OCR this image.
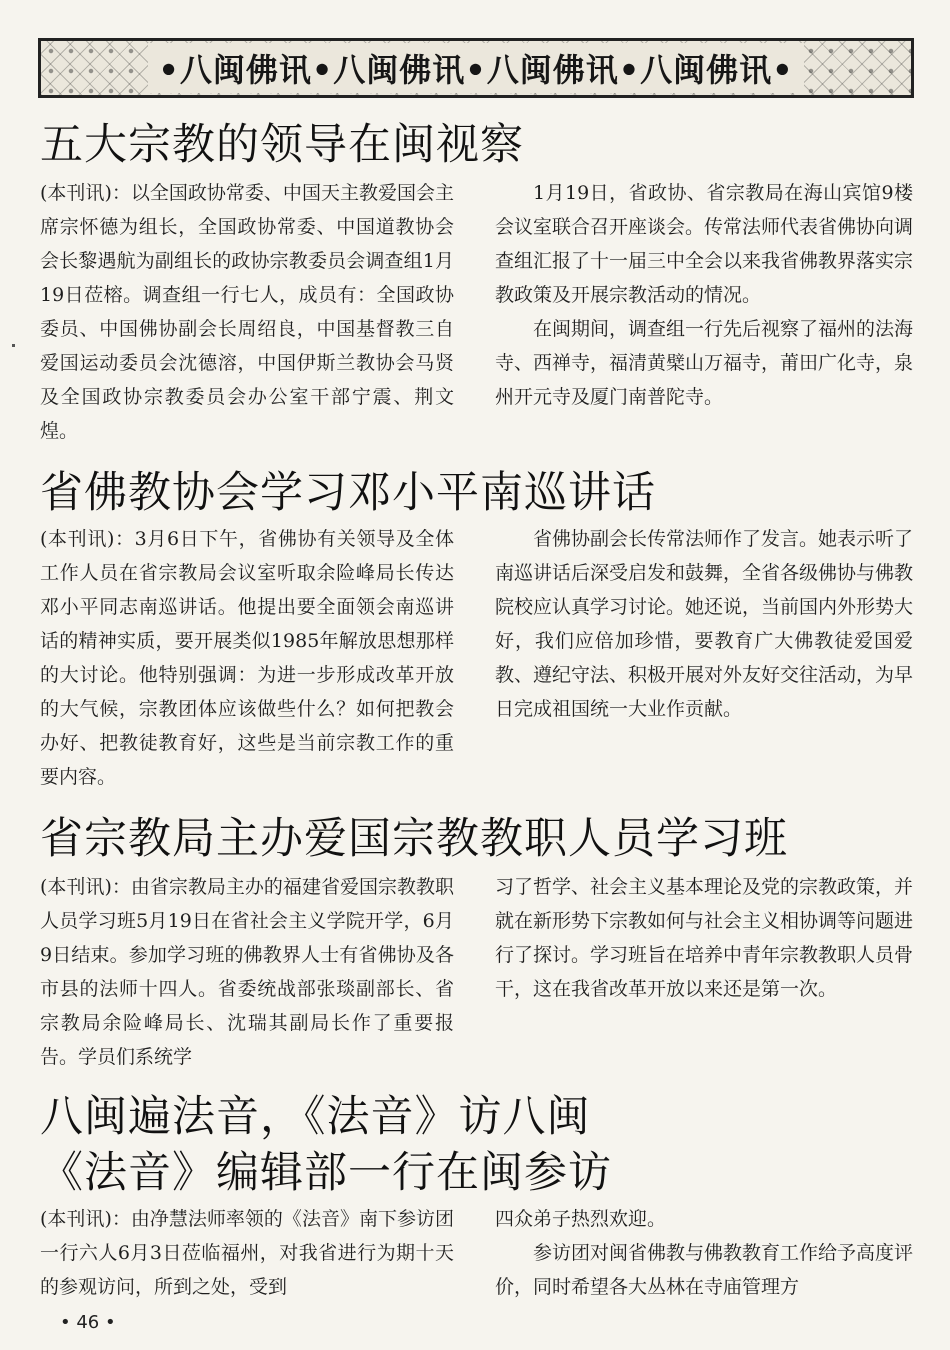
•八闽佛讯•八闽佛讯•八闽佛讯•八闽佛讯•
五大宗教的领导在闽视察

(本刊讯)：以全国政协常委、中国天主教爱国会主席宗怀德为组长，全国政协常委、中国道教协会会长黎遇航为副组长的政协宗教委员会调查组1月19日莅榕。调查组一行七人，成员有：全国政协委员、中国佛协副会长周绍良，中国基督教三自爱国运动委员会沈德溶，中国伊斯兰教协会马贤及全国政协宗教委员会办公室干部宁震、荆文煌。

1月19日，省政协、省宗教局在海山宾馆9楼会议室联合召开座谈会。传常法师代表省佛协向调查组汇报了十一届三中全会以来我省佛教界落实宗教政策及开展宗教活动的情况。

在闽期间，调查组一行先后视察了福州的法海寺、西禅寺，福清黄檗山万福寺，莆田广化寺，泉州开元寺及厦门南普陀寺。

省佛教协会学习邓小平南巡讲话

(本刊讯)：3月6日下午，省佛协有关领导及全体工作人员在省宗教局会议室听取余险峰局长传达邓小平同志南巡讲话。他提出要全面领会南巡讲话的精神实质，要开展类似1985年解放思想那样的大讨论。他特别强调：为进一步形成改革开放的大气候，宗教团体应该做些什么？如何把教会办好、把教徒教育好，这些是当前宗教工作的重要内容。

省佛协副会长传常法师作了发言。她表示听了南巡讲话后深受启发和鼓舞，全省各级佛协与佛教院校应认真学习讨论。她还说，当前国内外形势大好，我们应倍加珍惜，要教育广大佛教徒爱国爱教、遵纪守法、积极开展对外友好交往活动，为早日完成祖国统一大业作贡献。

省宗教局主办爱国宗教教职人员学习班

(本刊讯)：由省宗教局主办的福建省爱国宗教教职人员学习班5月19日在省社会主义学院开学，6月9日结束。参加学习班的佛教界人士有省佛协及各市县的法师十四人。省委统战部张琰副部长、省宗教局余险峰局长、沈瑞其副局长作了重要报告。学员们系统学

习了哲学、社会主义基本理论及党的宗教政策，并就在新形势下宗教如何与社会主义相协调等问题进行了探讨。学习班旨在培养中青年宗教教职人员骨干，这在我省改革开放以来还是第一次。

八闽遍法音，《法音》访八闽
《法音》编辑部一行在闽参访

(本刊讯)：由净慧法师率领的《法音》南下参访团一行六人6月3日莅临福州，对我省进行为期十天的参观访问，所到之处，受到

四众弟子热烈欢迎。

参访团对闽省佛教与佛教教育工作给予高度评价，同时希望各大丛林在寺庙管理方

• 46 •
